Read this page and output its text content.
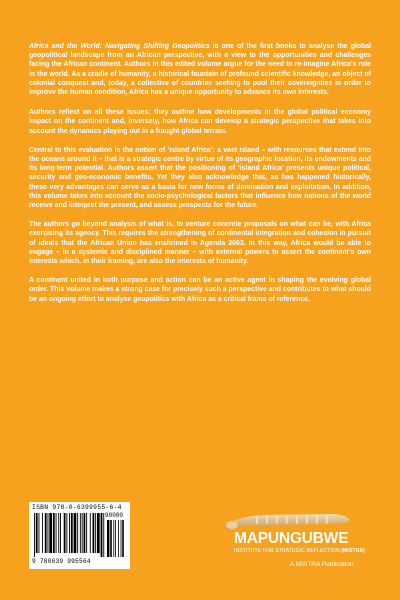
Africa and the World: Navigating Shifting Geopolitics is one of the first books to analyse the global geopolitical landscape from an African perspective, with a view to the opportunities and challenges facing the African continent. Authors in this edited volume argue for the need to re-imagine Africa’s role in the world. As a cradle of humanity, a historical fountain of profound scientific knowledge, an object of colonial conquest and, today, a collective of countries seeking to pool their sovereignties in order to improve the human condition, Africa has a unique opportunity to advance its own interests.

Authors reflect on all these issues; they outline how developments in the global political economy impact on the continent and, inversely, how Africa can develop a strategic perspective that takes into account the dynamics playing out in a fraught global terrain.

Central to this evaluation is the notion of ‘island Africa’: a vast island – with resources that extend into the oceans around it – that is a strategic centre by virtue of its geographic location, its endowments and its long-term potential. Authors assert that the positioning of ‘island Africa’ presents unique political, security and geo-economic benefits. Yet they also acknowledge that, as has happened historically, these very advantages can serve as a basis for new forms of domination and exploitation. In addition, this volume takes into account the socio-psychological factors that influence how nations of the world receive and interpret the present, and assess prospects for the future.

The authors go beyond analysis of what is, to venture concrete proposals on what can be, with Africa exercising its agency. This requires the strengthening of continental integration and cohesion in pursuit of ideals that the African Union has enshrined in Agenda 2063. In this way, Africa would be able to engage – in a systemic and disciplined manner – with external powers to assert the continent’s own interests which, in their framing, are also the interests of humanity.

A continent united in both purpose and action can be an active agent in shaping the evolving global order. This volume makes a strong case for precisely such a perspective and contributes to what should be an ongoing effort to analyse geopolitics with Africa as a critical frame of reference.

ISBN 978-0-6399955-6-4
90000
9 780639 995564
MAPUNGUBWE
INSTITUTE FOR STRATEGIC REFLECTION (MISTRA)
A MISTRA Publication
